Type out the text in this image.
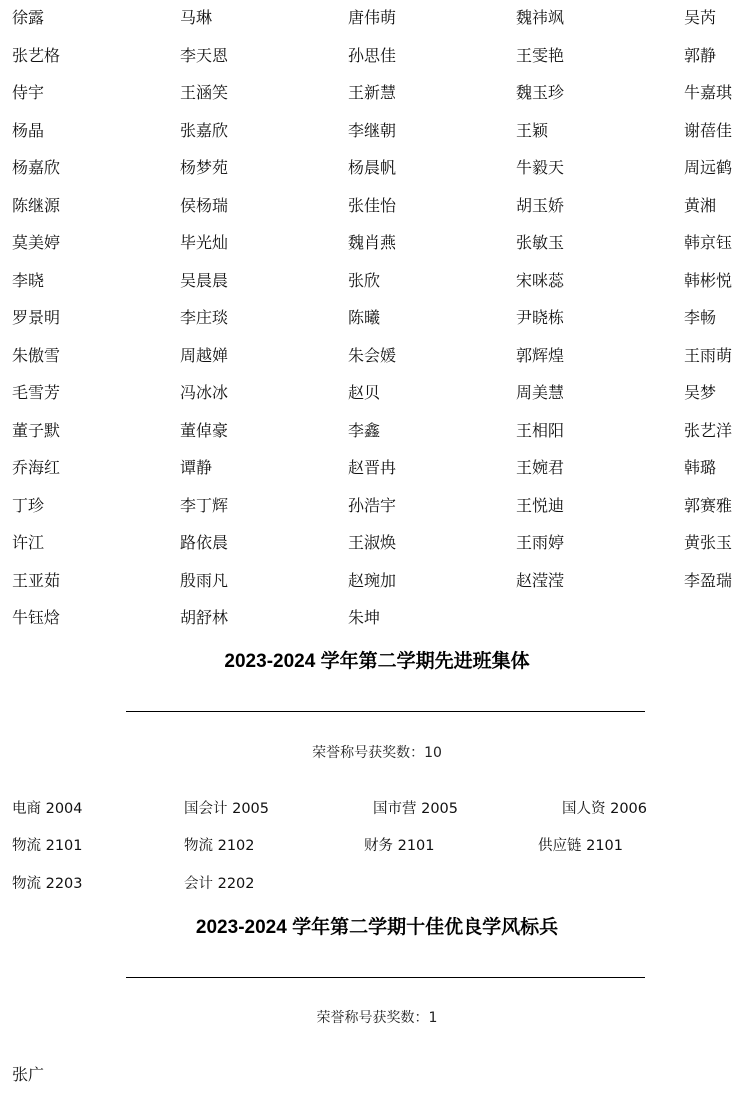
徐露	马琳	唐伟萌	魏祎飒	吴芮
张艺格	李天恩	孙思佳	王雯艳	郭静
侍宇	王涵笑	王新慧	魏玉珍	牛嘉琪
杨晶	张嘉欣	李继朝	王颖	谢蓓佳
杨嘉欣	杨梦苑	杨晨帆	牛毅天	周远鹤
陈继源	侯杨瑞	张佳怡	胡玉娇	黄湘
莫美婷	毕光灿	魏肖燕	张敏玉	韩京钰
李晓	吴晨晨	张欣	宋咪蕊	韩彬悦
罗景明	李庄琰	陈曦	尹晓栋	李畅
朱傲雪	周越婵	朱会媛	郭辉煌	王雨萌
毛雪芳	冯冰冰	赵贝	周美慧	吴梦
董子默	董倬豪	李鑫	王相阳	张艺洋
乔海红	谭静	赵晋冉	王婉君	韩璐
丁珍	李丁辉	孙浩宇	王悦迪	郭赛雅
许江	路依晨	王淑焕	王雨婷	黄张玉
王亚茹	殷雨凡	赵琬加	赵滢滢	李盈瑞
牛钰焓	胡舒林	朱坤
2023-2024 学年第二学期先进班集体
荣誉称号获奖数：10
电商 2004	国会计 2005	国市营 2005	国人资 2006
物流 2101	物流 2102	财务 2101	供应链 2101
物流 2203	会计 2202
2023-2024 学年第二学期十佳优良学风标兵
荣誉称号获奖数：1
张广
